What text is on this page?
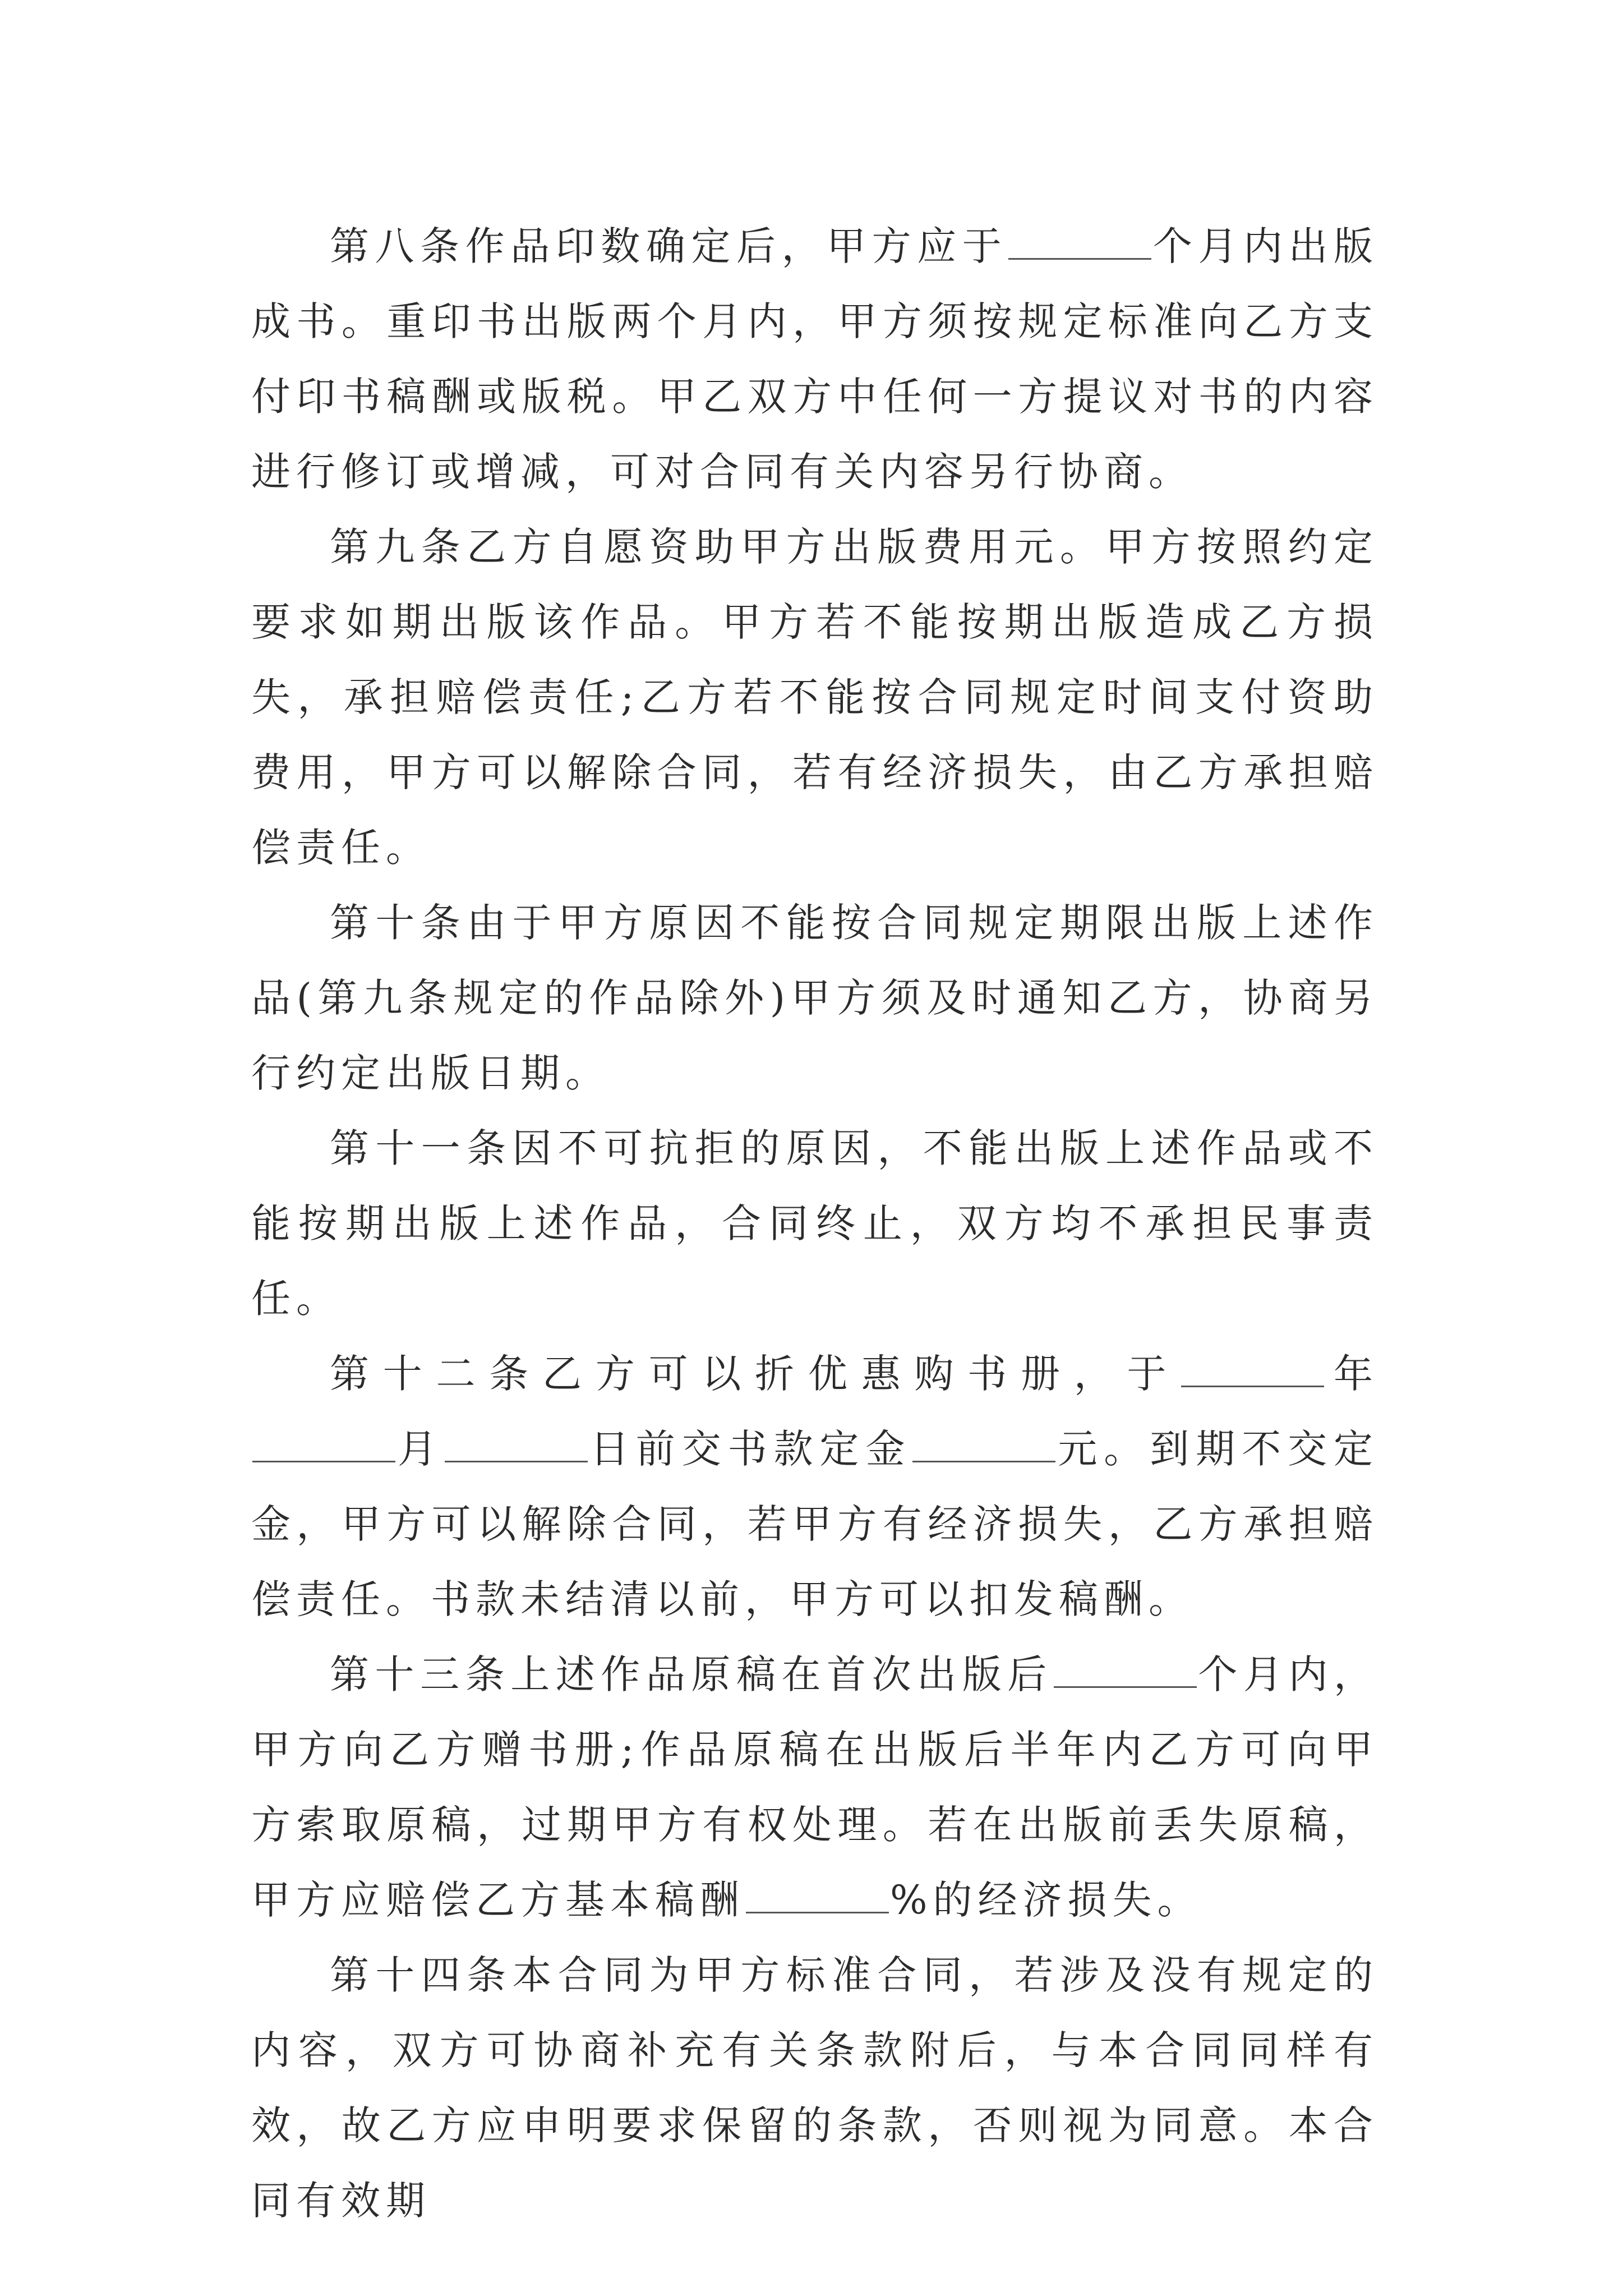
第八条作品印数确定后，甲方应于	个月内出版成书。重印书出版两个月内，甲方须按规定标准向乙方支付印书稿酬或版税。甲乙双方中任何一方提议对书的内容进行修订或增减，可对合同有关内容另行协商。

第九条乙方自愿资助甲方出版费用元。甲方按照约定要求如期出版该作品。甲方若不能按期出版造成乙方损失，承担赔偿责任;乙方若不能按合同规定时间支付资助费用，甲方可以解除合同，若有经济损失，由乙方承担赔偿责任。

第十条由于甲方原因不能按合同规定期限出版上述作品(第九条规定的作品除外)甲方须及时通知乙方，协商另行约定出版日期。

第十一条因不可抗拒的原因，不能出版上述作品或不能按期出版上述作品，合同终止，双方均不承担民事责任。

第十二条乙方可以折优惠购书册，于	年月	日前交书款定金	元。到期不交定金，甲方可以解除合同，若甲方有经济损失，乙方承担赔偿责任。书款未结清以前，甲方可以扣发稿酬。

第十三条上述作品原稿在首次出版后	个月内，甲方向乙方赠书册;作品原稿在出版后半年内乙方可向甲方索取原稿，过期甲方有权处理。若在出版前丢失原稿，甲方应赔偿乙方基本稿酬	%的经济损失。

第十四条本合同为甲方标准合同，若涉及没有规定的内容，双方可协商补充有关条款附后，与本合同同样有效，故乙方应申明要求保留的条款，否则视为同意。本合同有效期
